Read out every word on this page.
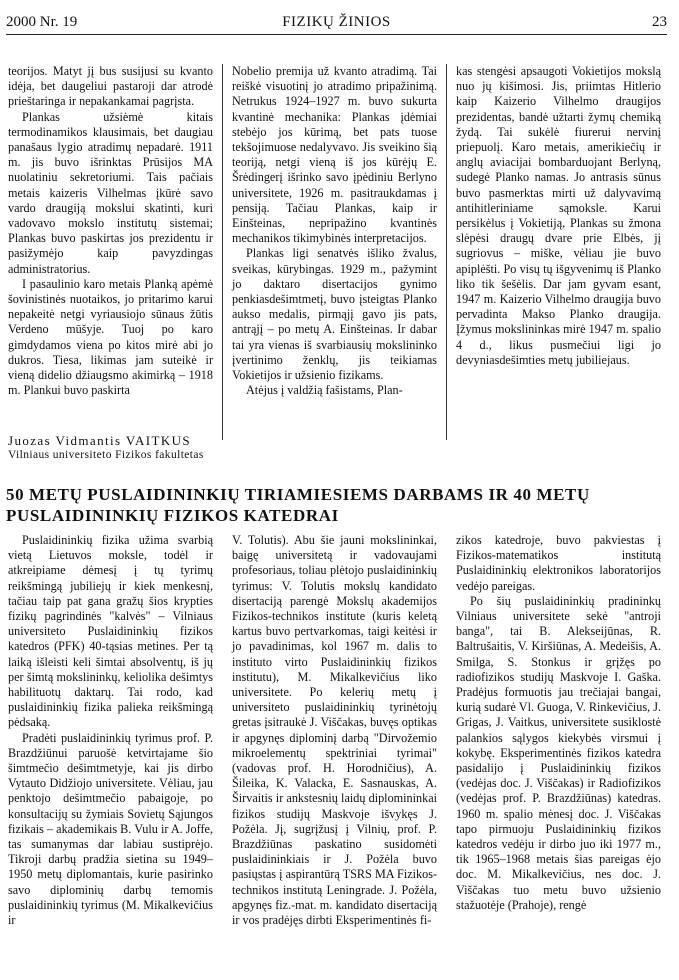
2000 Nr. 19	FIZIKŲ ŽINIOS	23

teorijos. Matyt jį bus susijusi su kvanto idėja, bet daugeliui pastaroji dar atrodė prieštaringa ir nepakankamai pagrįsta.

Plankas užsiėmė kitais termodinamikos klausimais, bet daugiau panašaus lygio atradimų nepadarė. 1911 m. jis buvo išrinktas Prūsijos MA nuolatiniu sekretoriumi. Tais pačiais metais kaizeris Vilhelmas įkūrė savo vardo draugiją mokslui skatinti, kuri vadovavo mokslo institutų sistemai; Plankas buvo paskirtas jos prezidentu ir pasižymėjo kaip pavyzdingas administratorius.

I pasaulinio karo metais Planką apėmė šovinistinės nuotaikos, jo pritarimo karui nepakeitė netgi vyriausiojo sūnaus žūtis Verdeno mūšyje. Tuoj po karo gimdydamos viena po kitos mirė abi jo dukros. Tiesa, likimas jam suteikė ir vieną didelio džiaugsmo akimirką – 1918 m. Plankui buvo paskirta

Nobelio premija už kvanto atradimą. Tai reiškė visuotinį jo atradimo pripažinimą. Netrukus 1924–1927 m. buvo sukurta kvantinė mechanika: Plankas įdėmiai stebėjo jos kūrimą, bet pats tuose tekšojimuose nedalyvavo. Jis sveikino šią teoriją, netgi vieną iš jos kūrėjų E. Šrėdingerį išrinko savo įpėdiniu Berlyno universitete, 1926 m. pasitraukdamas į pensiją. Tačiau Plankas, kaip ir Einšteinas, nepripažino kvantinės mechanikos tikimybinės interpretacijos.

Plankas ligi senatvės išliko žvalus, sveikas, kūrybingas. 1929 m., pažymint jo daktaro disertacijos gynimo penkiasdešimtmetį, buvo įsteigtas Planko aukso medalis, pirmąjį gavo jis pats, antrąjį – po metų A. Einšteinas. Ir dabar tai yra vienas iš svarbiausių mokslininko įvertinimo ženklų, jis teikiamas Vokietijos ir užsienio fizikams.

Atėjus į valdžią fašistams, Plan-

kas stengėsi apsaugoti Vokietijos mokslą nuo jų kišimosi. Jis, priimtas Hitlerio kaip Kaizerio Vilhelmo draugijos prezidentas, bandė užtarti žymų chemiką žydą. Tai sukėlė fiurerui nervinį priepuolį. Karo metais, amerikiečių ir anglų aviacijai bombarduojant Berlyną, sudegė Planko namas. Jo antrasis sūnus buvo pasmerktas mirti už dalyvavimą antihitleriniame sąmokslе. Karui persikėlus į Vokietiją, Plankas su žmona slėpėsi draugų dvare prie Elbės, jį sugriovus – miške, vėliau jie buvo apiplėšti. Po visų tų išgyvenimų iš Planko liko tik šešėlis. Dar jam gyvam esant, 1947 m. Kaizerio Vilhelmo draugija buvo pervadinta Makso Planko draugija. Įžymus mokslininkas mirė 1947 m. spalio 4 d., likus pusmečiui ligi jo devyniasdešimties metų jubiliejaus.

Juozas Vidmantis VAITKUS
Vilniaus universiteto Fizikos fakultetas
50 METŲ PUSLAIDININKIŲ TIRIAMIESIEMS DARBAMS IR 40 METŲ
PUSLAIDININKIŲ FIZIKOS KATEDRAI

Puslaidininkių fizika užima svarbią vietą Lietuvos moksle, todėl ir atkreipiame dėmesį į tų tyrimų reikšmingą jubiliejų ir kiek menkesnį, tačiau taip pat gana gražų šios krypties fizikų pagrindinės "kalvės" – Vilniaus universiteto Puslaidininkių fizikos katedros (PFK) 40-tąsias metines. Per tą laiką išleisti keli šimtai absolventų, iš jų per šimtą mokslininkų, keliolika dešimtys habilituotų daktarų. Tai rodo, kad puslaidininkių fizika palieka reikšmingą pėdsaką.

Pradėti puslaidininkių tyrimus prof. P. Brazdžiūnui paruošė ketvirtajame šio šimtmečio dešimtmetyje, kai jis dirbo Vytauto Didžiojo universitete. Vėliau, jau penktojo dešimtmečio pabaigoje, po konsultacijų su žymiais Sovietų Sąjungos fizikais – akademikais B. Vulu ir A. Joffe, tas sumanymas dar labiau sustiprėjo. Tikroji darbų pradžia sietina su 1949–1950 metų diplomantais, kurie pasirinko savo diplominių darbų temomis puslaidininkių tyrimus (M. Mikalkevičius ir

V. Tolutis). Abu šie jauni mokslininkai, baigę universitetą ir vadovaujami profesoriaus, toliau plėtojo puslaidininkių tyrimus: V. Tolutis mokslų kandidato disertaciją parengė Mokslų akademijos Fizikos-technikos institute (kuris keletą kartus buvo pertvarkomas, taigi keitėsi ir jo pavadinimas, kol 1967 m. dalis to instituto virto Puslaidininkių fizikos institutu), M. Mikalkevičius liko universitete. Po kelerių metų į universiteto puslaidininkių tyrinėtojų gretas įsitraukė J. Viščakas, buvęs optikas ir apgynęs diplominį darbą "Dirvožemio mikroelementų spektriniai tyrimai" (vadovas prof. H. Horodničius), A. Šileika, K. Valacka, E. Sasnauskas, A. Širvaitis ir ankstesnių laidų diplomininkai fizikos studijų Maskvoje išvykęs J. Požėla. Jį, sugrįžusį į Vilnių, prof. P. Brazdžiūnas paskatino susidomėti puslaidininkiais ir J. Požėla buvo pasiųstas į aspirantūrą TSRS MA Fizikos-technikos institutą Leningrade. J. Požėla, apgynęs fiz.-mat. m. kandidato disertaciją ir vos pradėjęs dirbti Eksperimentinės fi-

zikos katedroje, buvo pakviestas į Fizikos-matematikos institutą Puslaidininkių elektronikos laboratorijos vedėjo pareigas.

Po šių puslaidininkių pradininkų Vilniaus universitete sekė "antroji banga", tai B. Alekseijūnas, R. Baltrušaitis, V. Kiršiūnas, A. Medeišis, A. Smilga, S. Stonkus ir grįžęs po radiofizikos studijų Maskvoje I. Gaška. Pradėjus formuotis jau trečiajai bangai, kurią sudarė Vl. Guoga, V. Rinkevičius, J. Grigas, J. Vaitkus, universitete susiklostė palankios sąlygos kiekybės virsmui į kokybę. Eksperimentinės fizikos katedra pasidalijo į Puslaidininkių fizikos (vedėjas doc. J. Viščakas) ir Radiofizikos (vedėjas prof. P. Brazdžiūnas) katedras. 1960 m. spalio mėnesį doc. J. Viščakas tapo pirmuoju Puslaidininkių fizikos katedros vedėju ir dirbo juo iki 1977 m., tik 1965–1968 metais šias pareigas ėjo doc. M. Mikalkevičius, nes doc. J. Viščakas tuo metu buvo užsienio stažuotėje (Prahoje), rengė
